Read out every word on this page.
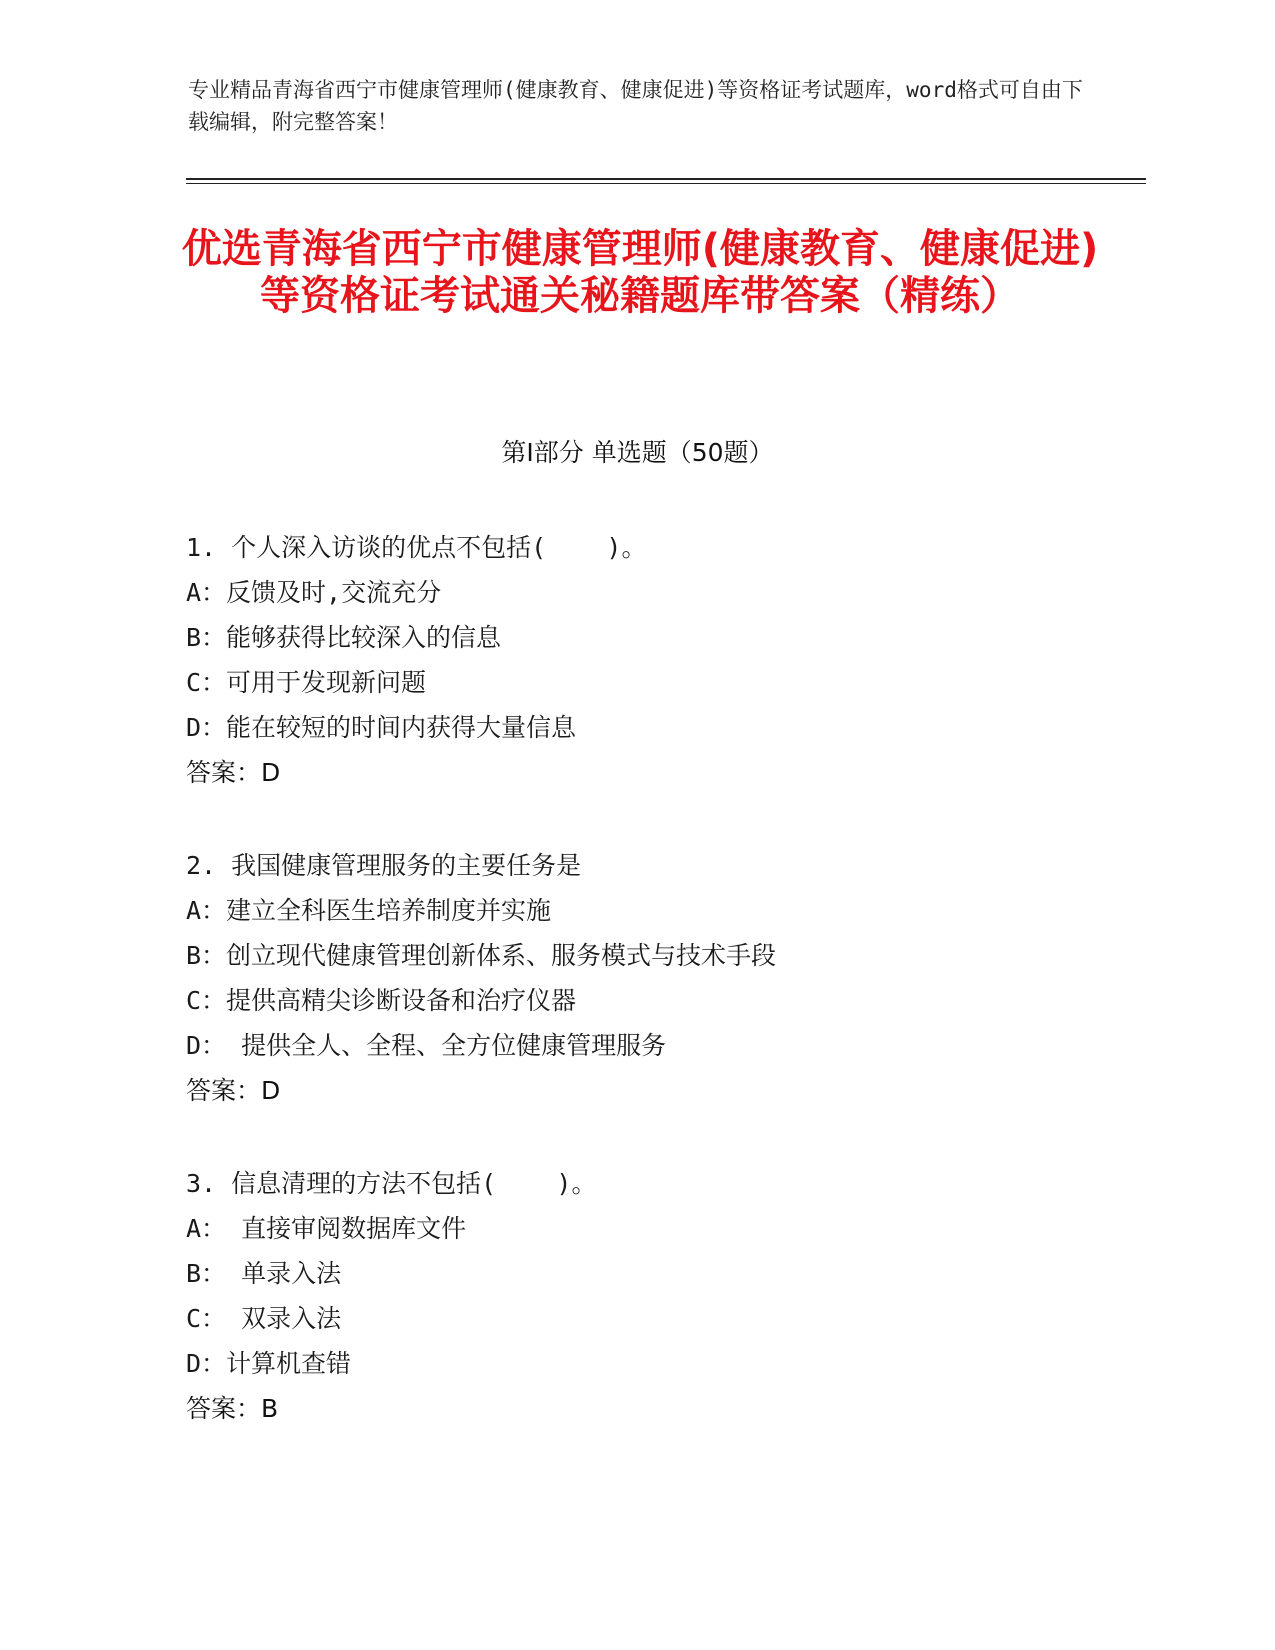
专业精品青海省西宁市健康管理师(健康教育、健康促进)等资格证考试题库，word格式可自由下载编辑，附完整答案！
优选青海省西宁市健康管理师(健康教育、健康促进)等资格证考试通关秘籍题库带答案（精练）
第Ⅰ部分 单选题（50题）
1. 个人深入访谈的优点不包括(    )。
A：反馈及时,交流充分
B：能够获得比较深入的信息
C：可用于发现新问题
D：能在较短的时间内获得大量信息
答案：D
2. 我国健康管理服务的主要任务是
A：建立全科医生培养制度并实施
B：创立现代健康管理创新体系、服务模式与技术手段
C：提供高精尖诊断设备和治疗仪器
D： 提供全人、全程、全方位健康管理服务
答案：D
3. 信息清理的方法不包括(    )。
A： 直接审阅数据库文件
B： 单录入法
C： 双录入法
D：计算机查错
答案：B
